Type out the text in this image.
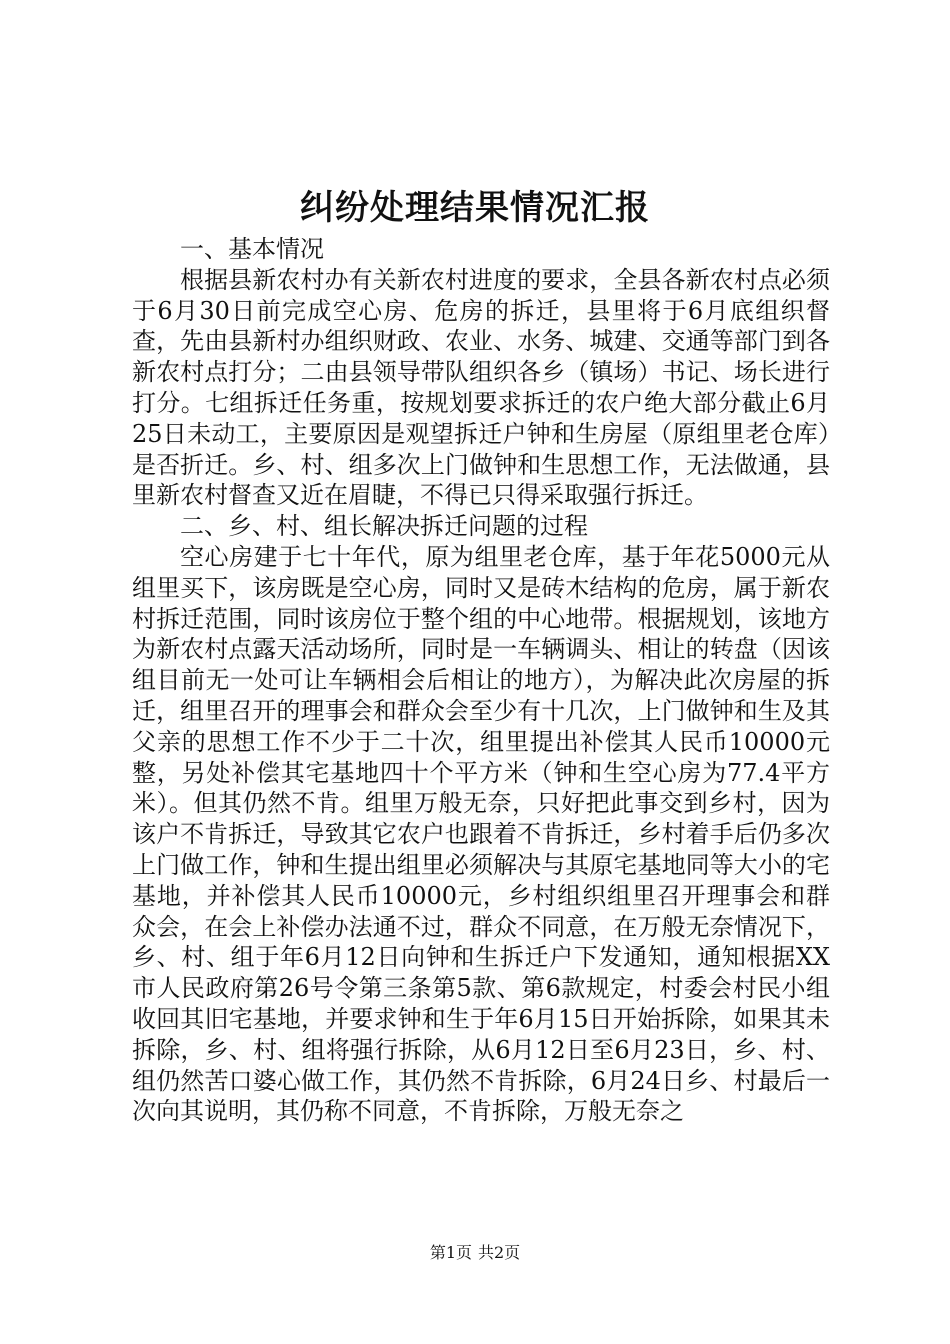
纠纷处理结果情况汇报

一、基本情况

根据县新农村办有关新农村进度的要求，全县各新农村点必须于6月30日前完成空心房、危房的拆迁，县里将于6月底组织督查，先由县新村办组织财政、农业、水务、城建、交通等部门到各新农村点打分；二由县领导带队组织各乡（镇场）书记、场长进行打分。七组拆迁任务重，按规划要求拆迁的农户绝大部分截止6月25日未动工，主要原因是观望拆迁户钟和生房屋（原组里老仓库）是否折迁。乡、村、组多次上门做钟和生思想工作，无法做通，县里新农村督查又近在眉睫，不得已只得采取强行拆迁。

二、乡、村、组长解决拆迁问题的过程

空心房建于七十年代，原为组里老仓库，基于年花5000元从组里买下，该房既是空心房，同时又是砖木结构的危房，属于新农村拆迁范围，同时该房位于整个组的中心地带。根据规划，该地方为新农村点露天活动场所，同时是一车辆调头、相让的转盘（因该组目前无一处可让车辆相会后相让的地方），为解决此次房屋的拆迁，组里召开的理事会和群众会至少有十几次，上门做钟和生及其父亲的思想工作不少于二十次，组里提出补偿其人民币10000元整，另处补偿其宅基地四十个平方米（钟和生空心房为77.4平方米）。但其仍然不肯。组里万般无奈，只好把此事交到乡村，因为该户不肯拆迁，导致其它农户也跟着不肯拆迁，乡村着手后仍多次上门做工作，钟和生提出组里必须解决与其原宅基地同等大小的宅基地，并补偿其人民币10000元，乡村组织组里召开理事会和群众会，在会上补偿办法通不过，群众不同意，在万般无奈情况下，乡、村、组于年6月12日向钟和生拆迁户下发通知，通知根据XX市人民政府第26号令第三条第5款、第6款规定，村委会村民小组收回其旧宅基地，并要求钟和生于年6月15日开始拆除，如果其未拆除，乡、村、组将强行拆除，从6月12日至6月23日，乡、村、组仍然苦口婆心做工作，其仍然不肯拆除，6月24日乡、村最后一次向其说明，其仍称不同意，不肯拆除，万般无奈之

第1页 共2页
